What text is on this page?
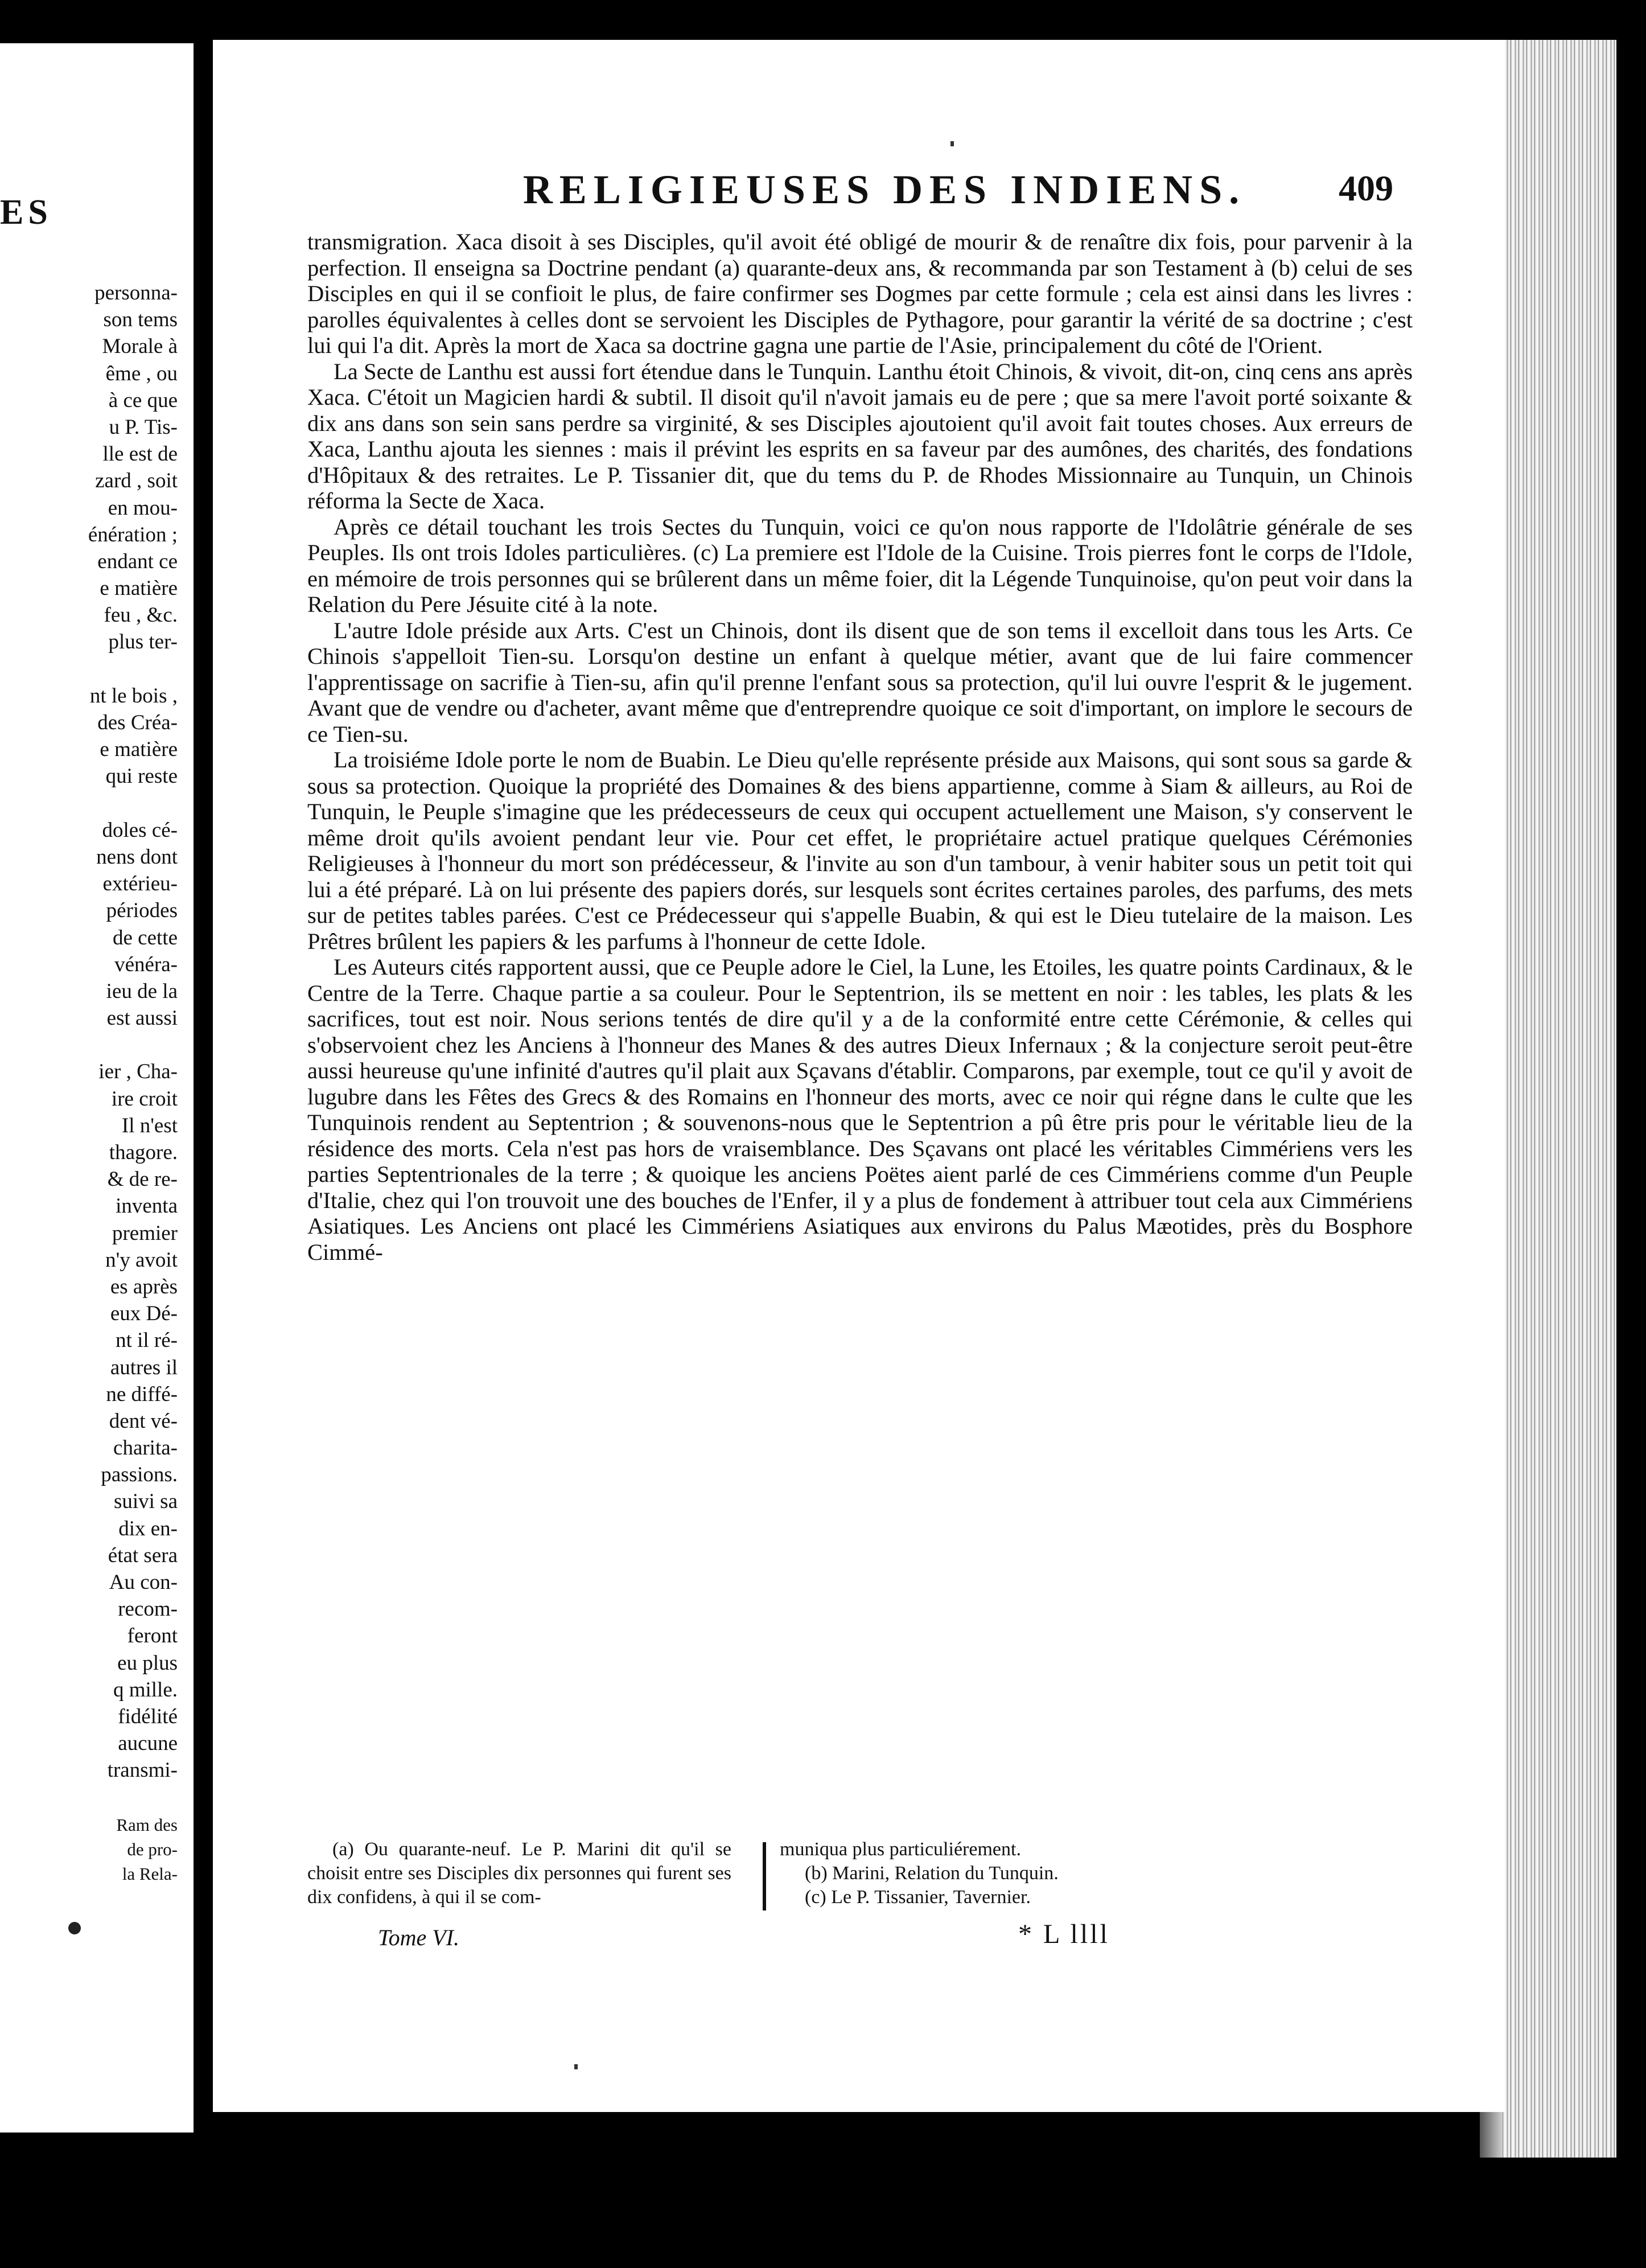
ES
personna-
son tems
Morale à
ême , ou
à ce que
u P. Tis-
lle est de
zard , soit
en mou-
énération ;
endant ce
e matière
feu , &c.
plus ter-
nt le bois ,
des Créa-
e matière
qui reste
doles cé-
nens dont
extérieu-
périodes
de cette
vénéra-
ieu de la
est aussi
ier , Cha-
ire croit
Il n'est
thagore.
& de re-
inventa
premier
n'y avoit
es après
eux Dé-
nt il ré-
autres il
ne diffé-
dent vé-
charita-
passions.
suivi sa
dix en-
état sera
Au con-
recom-
feront
eu plus
q mille.
fidélité
aucune
transmi-
Ram des
de pro-
la Rela-
RELIGIEUSES DES INDIENS.	409

transmigration. Xaca disoit à ses Disciples, qu'il avoit été obligé de mourir & de renaître dix fois, pour parvenir à la perfection. Il enseigna sa Doctrine pendant (a) quarante-deux ans, & recommanda par son Testament à (b) celui de ses Disciples en qui il se confioit le plus, de faire confirmer ses Dogmes par cette formule ; cela est ainsi dans les livres : parolles équivalentes à celles dont se servoient les Disciples de Pythagore, pour garantir la vérité de sa doctrine ; c'est lui qui l'a dit. Après la mort de Xaca sa doctrine gagna une partie de l'Asie, principalement du côté de l'Orient.

La Secte de Lanthu est aussi fort étendue dans le Tunquin. Lanthu étoit Chinois, & vivoit, dit-on, cinq cens ans après Xaca. C'étoit un Magicien hardi & subtil. Il disoit qu'il n'avoit jamais eu de pere ; que sa mere l'avoit porté soixante & dix ans dans son sein sans perdre sa virginité, & ses Disciples ajoutoient qu'il avoit fait toutes choses. Aux erreurs de Xaca, Lanthu ajouta les siennes : mais il prévint les esprits en sa faveur par des aumônes, des charités, des fondations d'Hôpitaux & des retraites. Le P. Tissanier dit, que du tems du P. de Rhodes Missionnaire au Tunquin, un Chinois réforma la Secte de Xaca.

Après ce détail touchant les trois Sectes du Tunquin, voici ce qu'on nous rapporte de l'Idolâtrie générale de ses Peuples. Ils ont trois Idoles particulières. (c) La premiere est l'Idole de la Cuisine. Trois pierres font le corps de l'Idole, en mémoire de trois personnes qui se brûlerent dans un même foier, dit la Légende Tunquinoise, qu'on peut voir dans la Relation du Pere Jésuite cité à la note.

L'autre Idole préside aux Arts. C'est un Chinois, dont ils disent que de son tems il excelloit dans tous les Arts. Ce Chinois s'appelloit Tien-su. Lorsqu'on destine un enfant à quelque métier, avant que de lui faire commencer l'apprentissage on sacrifie à Tien-su, afin qu'il prenne l'enfant sous sa protection, qu'il lui ouvre l'esprit & le jugement. Avant que de vendre ou d'acheter, avant même que d'entreprendre quoique ce soit d'important, on implore le secours de ce Tien-su.

La troisiéme Idole porte le nom de Buabin. Le Dieu qu'elle représente préside aux Maisons, qui sont sous sa garde & sous sa protection. Quoique la propriété des Domaines & des biens appartienne, comme à Siam & ailleurs, au Roi de Tunquin, le Peuple s'imagine que les prédecesseurs de ceux qui occupent actuellement une Maison, s'y conservent le même droit qu'ils avoient pendant leur vie. Pour cet effet, le propriétaire actuel pratique quelques Cérémonies Religieuses à l'honneur du mort son prédécesseur, & l'invite au son d'un tambour, à venir habiter sous un petit toit qui lui a été préparé. Là on lui présente des papiers dorés, sur lesquels sont écrites certaines paroles, des parfums, des mets sur de petites tables parées. C'est ce Prédecesseur qui s'appelle Buabin, & qui est le Dieu tutelaire de la maison. Les Prêtres brûlent les papiers & les parfums à l'honneur de cette Idole.

Les Auteurs cités rapportent aussi, que ce Peuple adore le Ciel, la Lune, les Etoiles, les quatre points Cardinaux, & le Centre de la Terre. Chaque partie a sa couleur. Pour le Septentrion, ils se mettent en noir : les tables, les plats & les sacrifices, tout est noir. Nous serions tentés de dire qu'il y a de la conformité entre cette Cérémonie, & celles qui s'observoient chez les Anciens à l'honneur des Manes & des autres Dieux Infernaux ; & la conjecture seroit peut-être aussi heureuse qu'une infinité d'autres qu'il plait aux Sçavans d'établir. Comparons, par exemple, tout ce qu'il y avoit de lugubre dans les Fêtes des Grecs & des Romains en l'honneur des morts, avec ce noir qui régne dans le culte que les Tunquinois rendent au Septentrion ; & souvenons-nous que le Septentrion a pû être pris pour le véritable lieu de la résidence des morts. Cela n'est pas hors de vraisemblance. Des Sçavans ont placé les véritables Cimmériens vers les parties Septentrionales de la terre ; & quoique les anciens Poëtes aient parlé de ces Cimmériens comme d'un Peuple d'Italie, chez qui l'on trouvoit une des bouches de l'Enfer, il y a plus de fondement à attribuer tout cela aux Cimmériens Asiatiques. Les Anciens ont placé les Cimmériens Asiatiques aux environs du Palus Mæotides, près du Bosphore Cimmé-

(a) Ou quarante-neuf. Le P. Marini dit qu'il se choisit entre ses Disciples dix personnes qui furent ses dix confidens, à qui il se com-

muniqua plus particuliérement.

(b) Marini, Relation du Tunquin.

(c) Le P. Tissanier, Tavernier.

Tome VI.	* L llll
